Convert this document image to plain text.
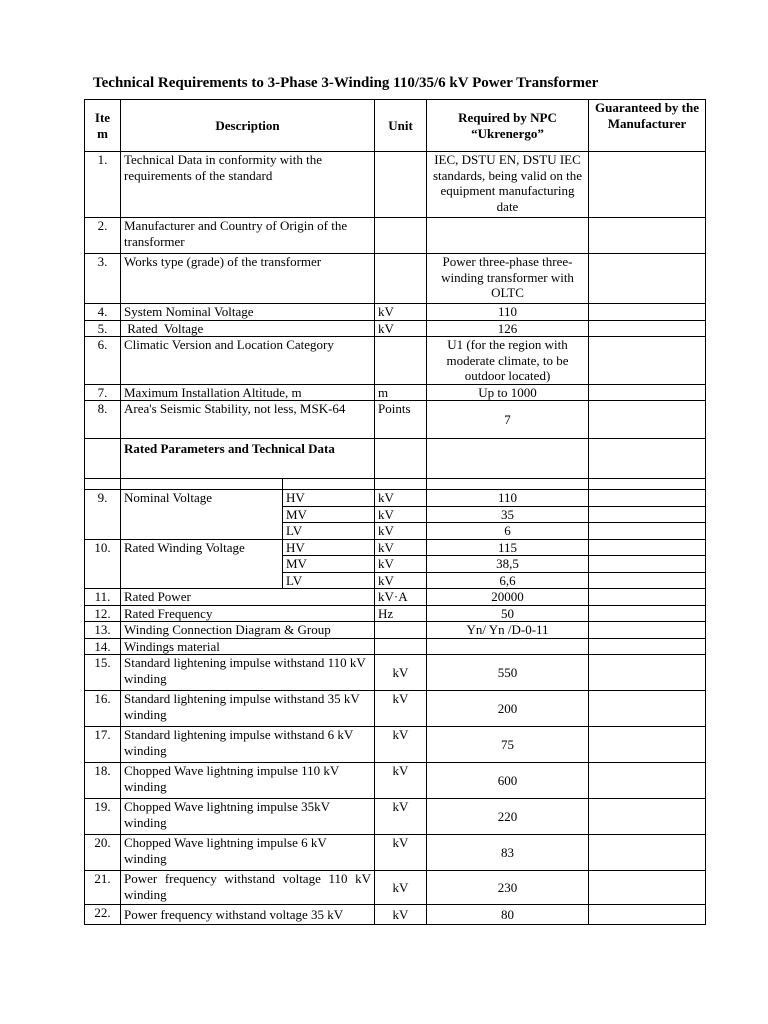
Technical Requirements to 3-Phase 3-Winding 110/35/6 kV Power Transformer
Ite m	Description		Unit	Required by NPC “Ukrenergo”	Guaranteed by the Manufacturer
1.	Technical Data in conformity with the requirements of the standard			IEC, DSTU EN, DSTU IEC standards, being valid on the equipment manufacturing date	
2.	Manufacturer and Country of Origin of the transformer				
3.	Works type (grade) of the transformer			Power three-phase three-winding transformer with OLTC	
4.	System Nominal Voltage		kV	110	
5.	Rated  Voltage		kV	126	
6.	Climatic Version and Location Category			U1 (for the region with moderate climate, to be outdoor located)	
7.	Maximum Installation Altitude, m		m	Up to 1000	
8.	Area's Seismic Stability, not less, MSK-64		Points	7	
	Rated Parameters and Technical Data				

9.	Nominal Voltage	HV	kV	110	
		MV	kV	35	
		LV	kV	6	
10.	Rated Winding Voltage	HV	kV	115	
		MV	kV	38,5	
		LV	kV	6,6	
11.	Rated Power		kV·A	20000	
12.	Rated Frequency		Hz	50	
13.	Winding Connection Diagram & Group			Yn/ Yn /D-0-11	
14.	Windings material				
15.	Standard lightening impulse withstand 110 kV winding		kV	550	
16.	Standard lightening impulse withstand 35 kV winding		kV	200	
17.	Standard lightening impulse withstand 6 kV winding		kV	75	
18.	Chopped Wave lightning impulse 110 kV winding		kV	600	
19.	Chopped Wave lightning impulse 35kV winding		kV	220	
20.	Chopped Wave lightning impulse 6 kV winding		kV	83	
21.	Power frequency withstand voltage 110 kV winding		kV	230	
22.	Power frequency withstand voltage 35 kV		kV	80	
